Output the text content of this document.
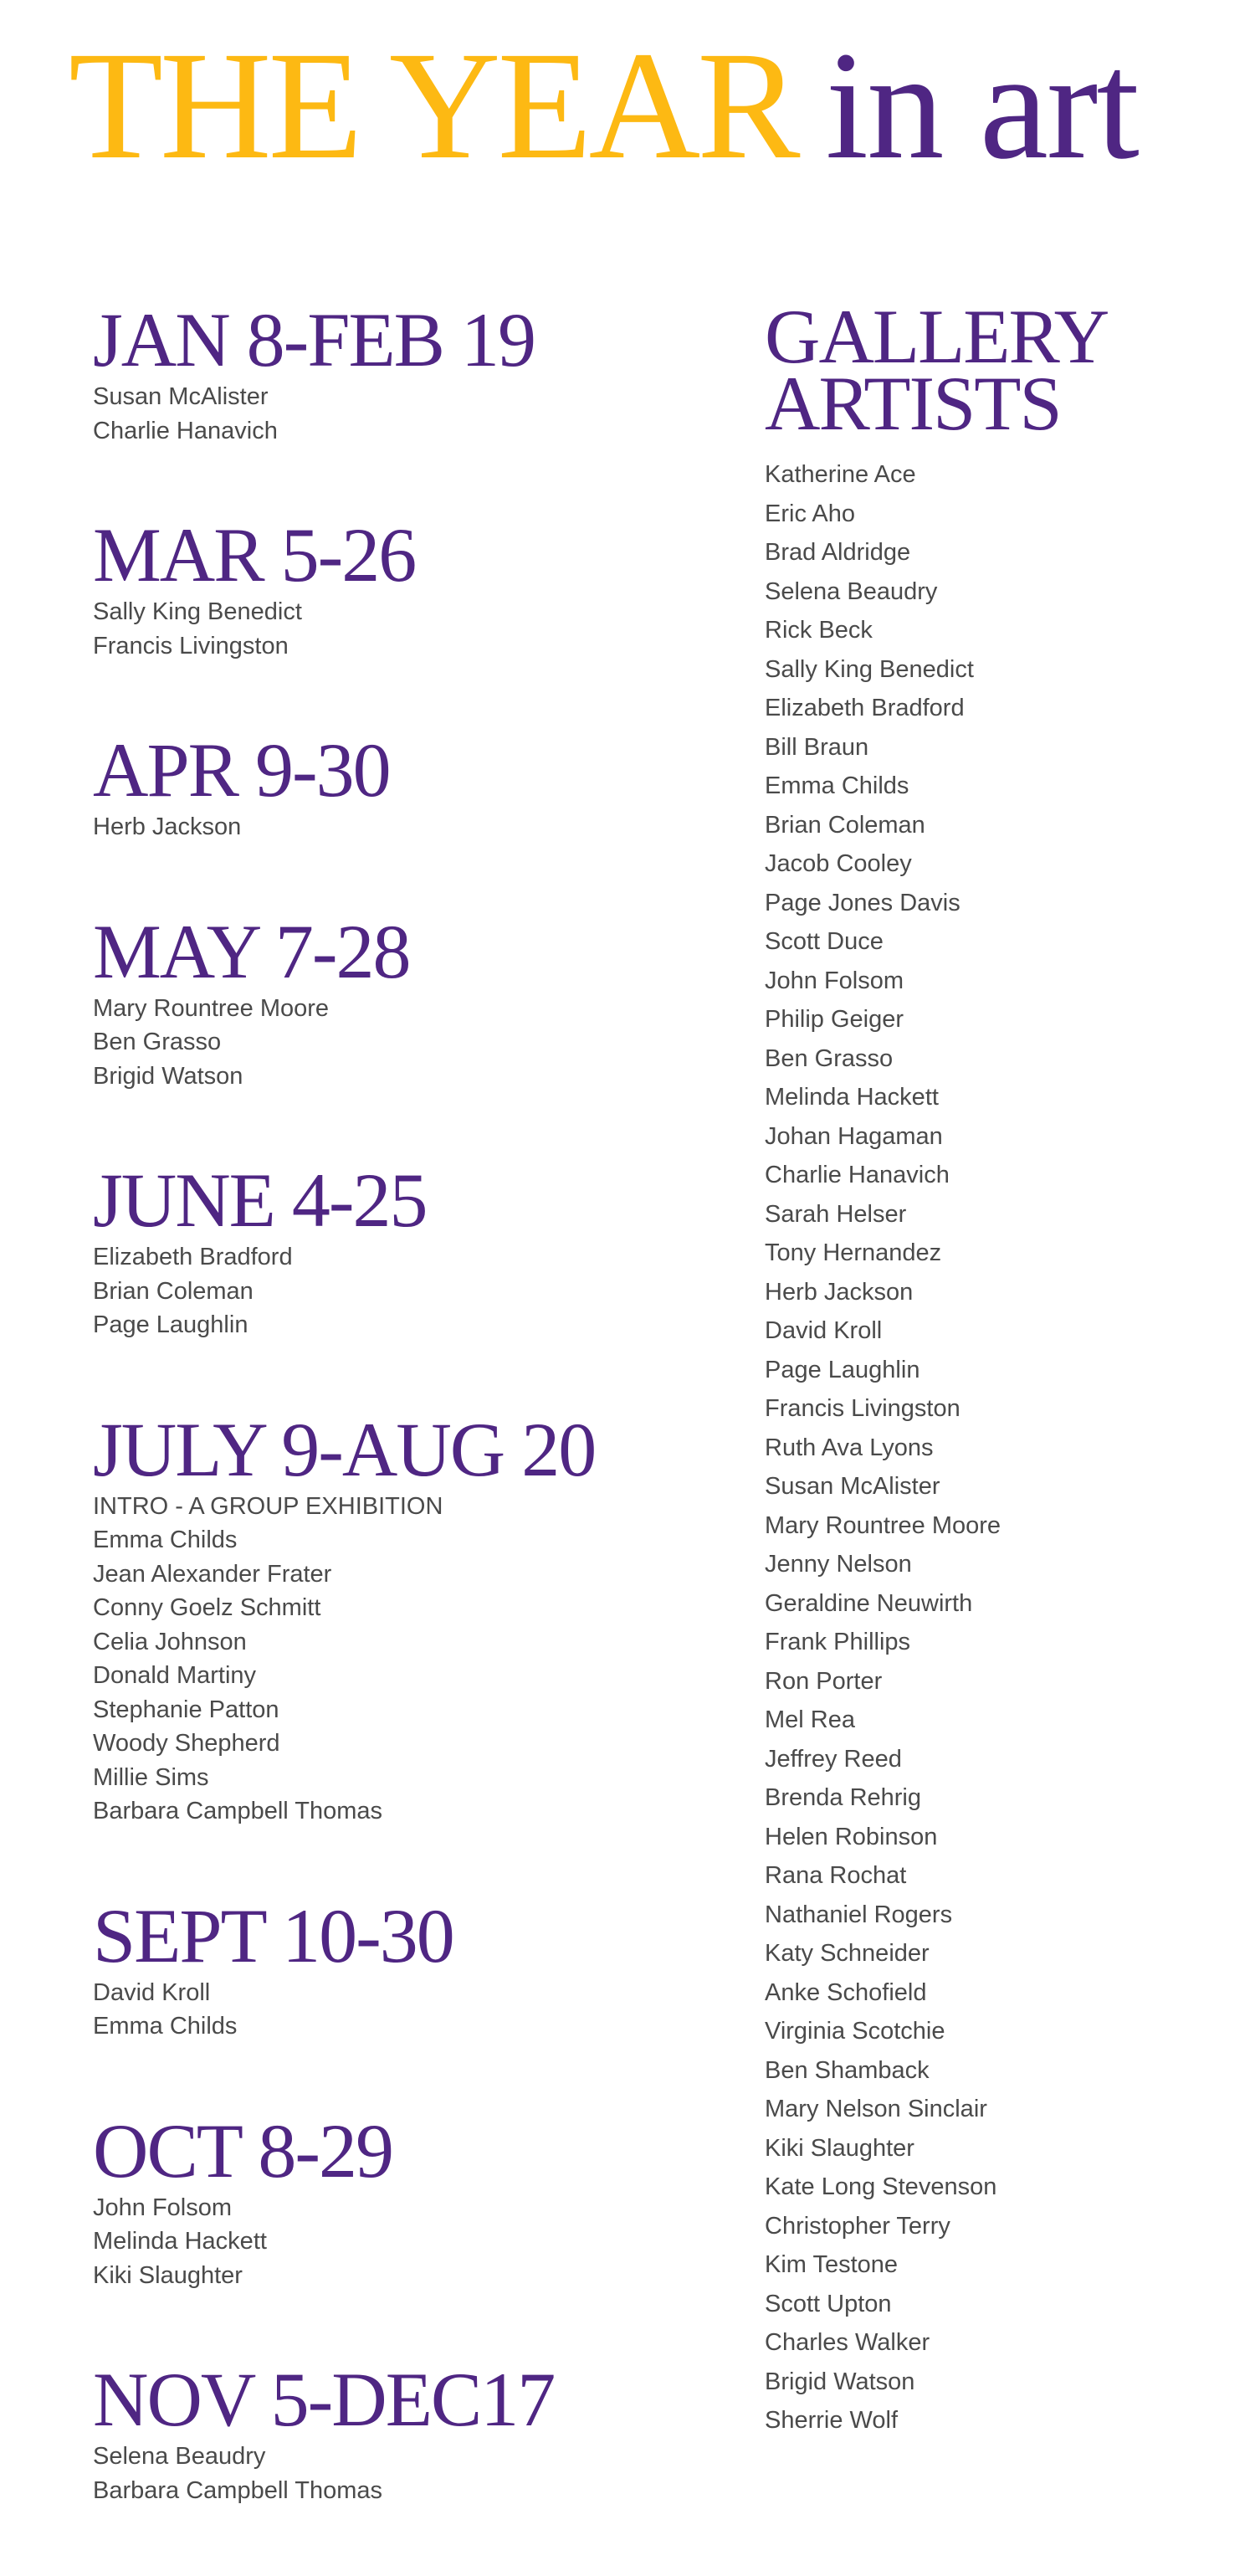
THE YEAR in art
JAN 8-FEB 19
Susan McAlister
Charlie Hanavich
MAR 5-26
Sally King Benedict
Francis Livingston
APR 9-30
Herb Jackson
MAY 7-28
Mary Rountree Moore
Ben Grasso
Brigid Watson
JUNE 4-25
Elizabeth Bradford
Brian Coleman
Page Laughlin
JULY 9-AUG 20
INTRO - A GROUP EXHIBITION
Emma Childs
Jean Alexander Frater
Conny Goelz Schmitt
Celia Johnson
Donald Martiny
Stephanie Patton
Woody Shepherd
Millie Sims
Barbara Campbell Thomas
SEPT 10-30
David Kroll
Emma Childs
OCT 8-29
John Folsom
Melinda Hackett
Kiki Slaughter
NOV 5-DEC17
Selena Beaudry
Barbara Campbell Thomas
GALLERY
ARTISTS
Katherine Ace
Eric Aho
Brad Aldridge
Selena Beaudry
Rick Beck
Sally King Benedict
Elizabeth Bradford
Bill Braun
Emma Childs
Brian Coleman
Jacob Cooley
Page Jones Davis
Scott Duce
John Folsom
Philip Geiger
Ben Grasso
Melinda Hackett
Johan Hagaman
Charlie Hanavich
Sarah Helser
Tony Hernandez
Herb Jackson
David Kroll
Page Laughlin
Francis Livingston
Ruth Ava Lyons
Susan McAlister
Mary Rountree Moore
Jenny Nelson
Geraldine Neuwirth
Frank Phillips
Ron Porter
Mel Rea
Jeffrey Reed
Brenda Rehrig
Helen Robinson
Rana Rochat
Nathaniel Rogers
Katy Schneider
Anke Schofield
Virginia Scotchie
Ben Shamback
Mary Nelson Sinclair
Kiki Slaughter
Kate Long Stevenson
Christopher Terry
Kim Testone
Scott Upton
Charles Walker
Brigid Watson
Sherrie Wolf
